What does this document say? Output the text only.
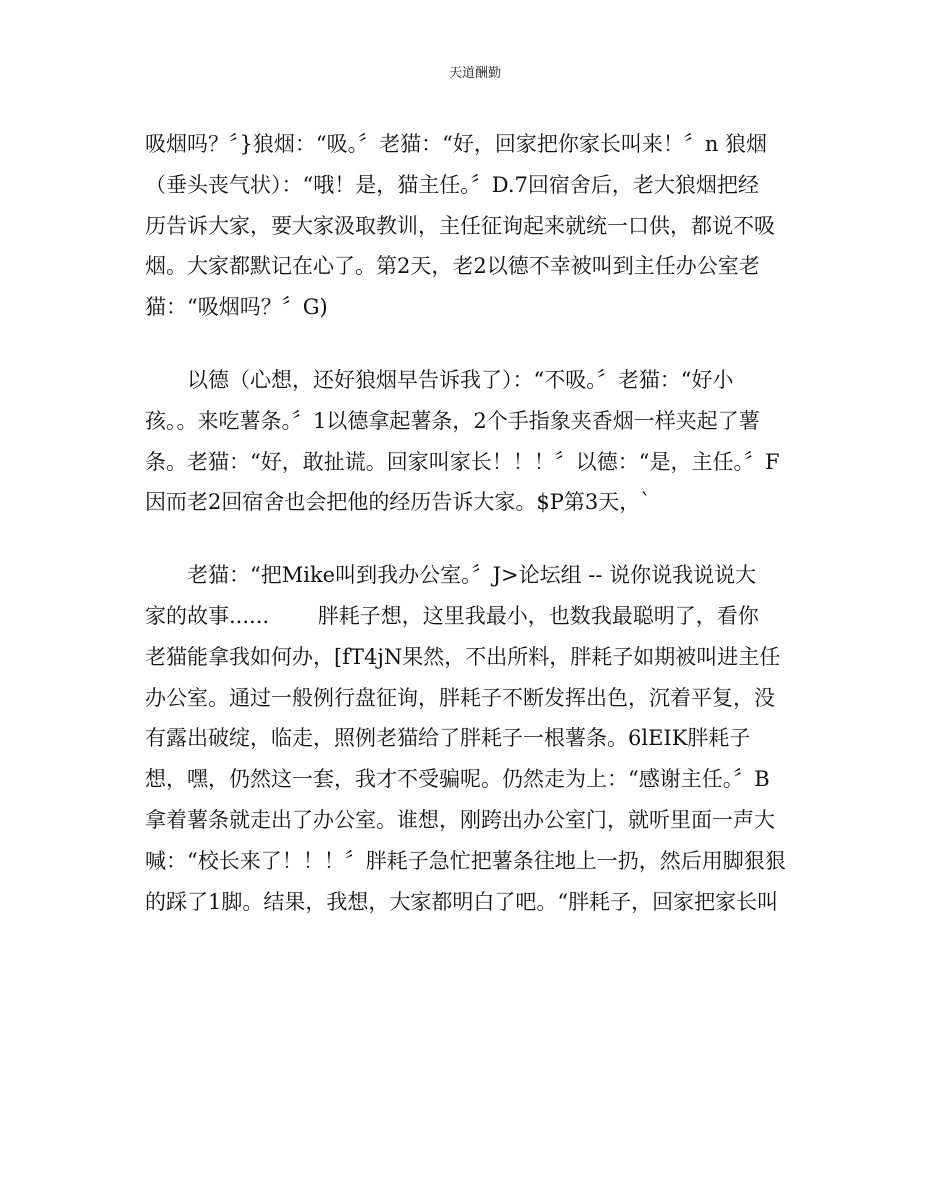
天道酬勤
吸烟吗？〞}狼烟：“吸。〞老猫：“好，回家把你家长叫来！〞n 狼烟
（垂头丧气状）：“哦！是，猫主任。〞D.7回宿舍后，老大狼烟把经
历告诉大家，要大家汲取教训，主任征询起来就统一口供，都说不吸
烟。大家都默记在心了。第2天，老2以德不幸被叫到主任办公室老
猫：“吸烟吗？〞G)
　　以德（心想，还好狼烟早告诉我了）：“不吸。〞老猫：“好小
孩。。来吃薯条。〞1以德拿起薯条，2个手指象夹香烟一样夹起了薯
条。老猫：“好，敢扯谎。回家叫家长！！！〞以德：“是，主任。〞F
因而老2回宿舍也会把他的经历告诉大家。$P第3天，`
　　老猫：“把Mike叫到我办公室。〞J>论坛组 -- 说你说我说说大
家的故事......　　 胖耗子想，这里我最小，也数我最聪明了，看你
老猫能拿我如何办，[fT4jN果然，不出所料，胖耗子如期被叫进主任
办公室。通过一般例行盘征询，胖耗子不断发挥出色，沉着平复，没
有露出破绽，临走，照例老猫给了胖耗子一根薯条。6lEIK胖耗子
想，嘿，仍然这一套，我才不受骗呢。仍然走为上：“感谢主任。〞B
拿着薯条就走出了办公室。谁想，刚跨出办公室门，就听里面一声大
喊：“校长来了！！！〞胖耗子急忙把薯条往地上一扔，然后用脚狠狠
的踩了1脚。结果，我想，大家都明白了吧。“胖耗子，回家把家长叫
